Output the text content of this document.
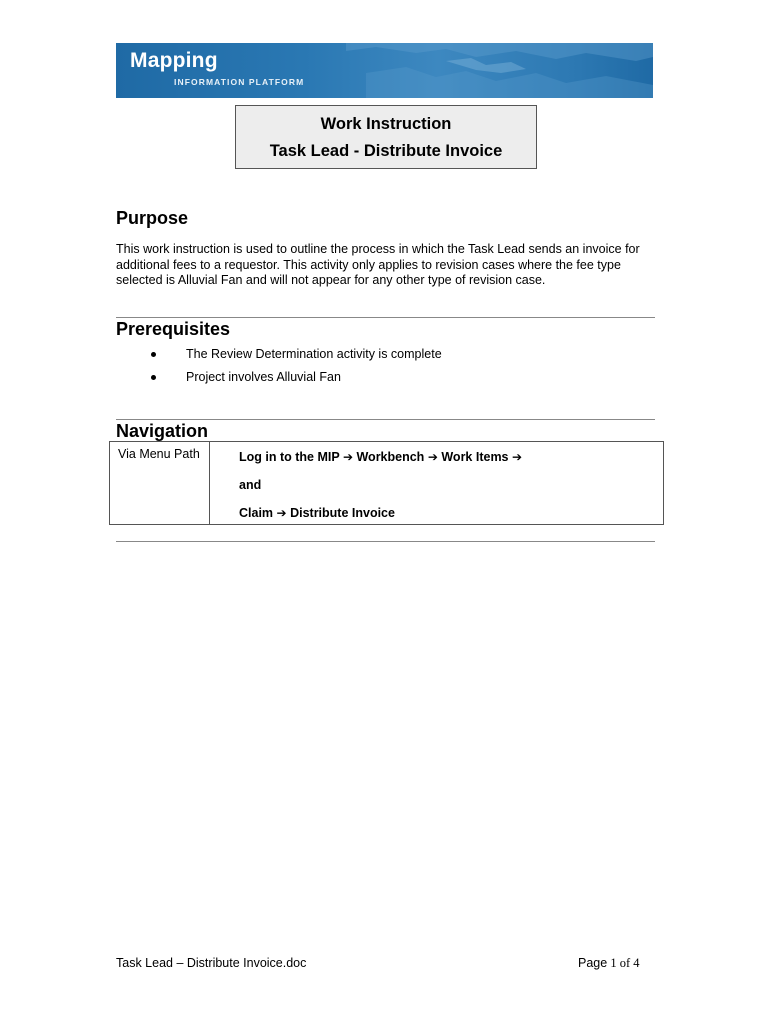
Mapping
INFORMATION PLATFORM
Work Instruction
Task Lead - Distribute Invoice
Purpose
This work instruction is used to outline the process in which the Task Lead sends an invoice for additional fees to a requestor. This activity only applies to revision cases where the fee type selected is Alluvial Fan and will not appear for any other type of revision case.
Prerequisites
The Review Determination activity is complete
Project involves Alluvial Fan
Navigation
Via Menu Path	Log in to the MIP ➔ Workbench ➔ Work Items ➔
and
Claim ➔ Distribute Invoice
Task Lead – Distribute Invoice.doc	Page 1 of 4
